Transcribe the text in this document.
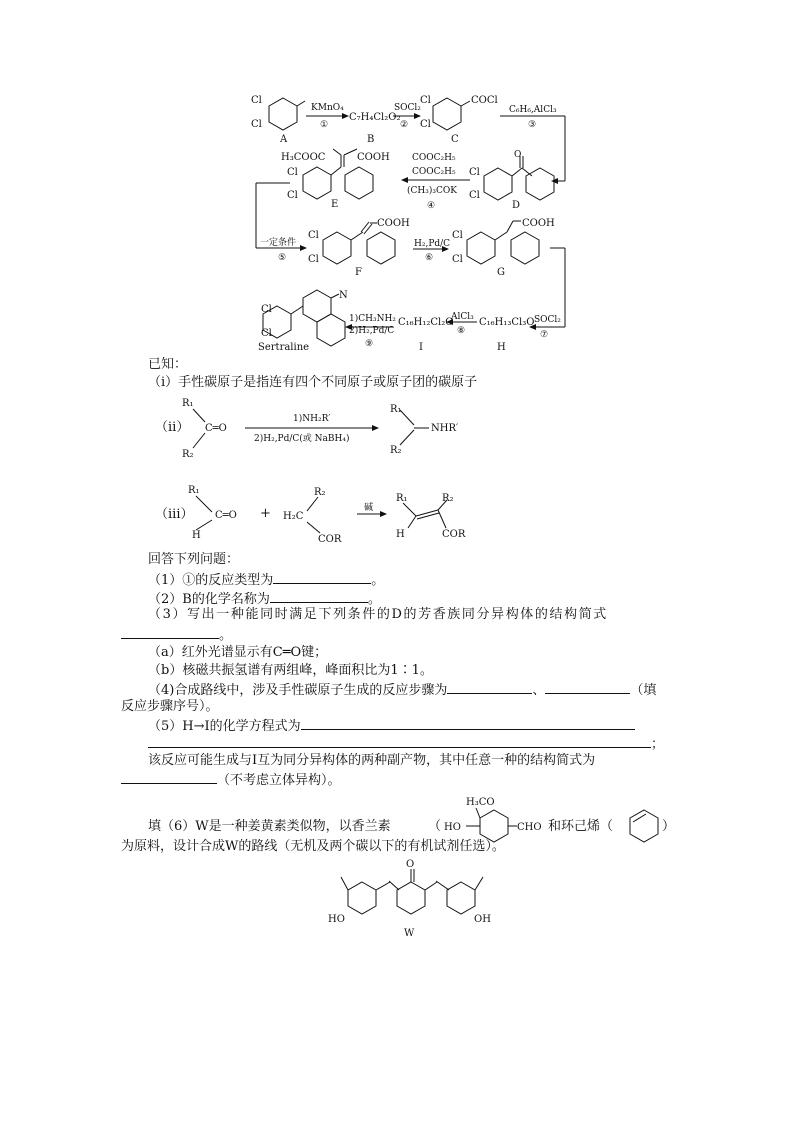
Cl
Cl
A
KMnO₄
①
C₇H₄Cl₂O₂
B
SOCl₂
②
Cl
Cl
COCl
C
C₆H₆,AlCl₃
③
H₃COOC	COOH
Cl
Cl
E
COOC₂H₅
COOC₂H₅
(CH₃)₃COK
④
Cl
Cl
D
O
一定条件
⑤
Cl
Cl
COOH
F
H₂,Pd/C
⑥
Cl
Cl
COOH
G
SOCl₂
⑦
C₁₆H₁₃Cl₃O
H
AlCl₃
⑧
C₁₆H₁₂Cl₂O
I
1)CH₃NH₂
2)H₂,Pd/C
⑨
N
Cl
Cl
Sertraline
已知：
（ⅰ）手性碳原子是指连有四个不同原子或原子团的碳原子
（ⅱ）
R₁
R₂
C═O
1)NH₂R′
2)H₂,Pd/C(或 NaBH₄)
R₁
R₂
NHR′
（ⅲ）
R₁
H
C═O + H₂C
R₂
COR
碱
R₁	R₂
H	COR
回答下列问题：
（1）①的反应类型为	。
（2）B的化学名称为	。
（3）写出一种能同时满足下列条件的D的芳香族同分异构体的结构简式
。
（a）红外光谱显示有C═O键；
（b）核磁共振氢谱有两组峰，峰面积比为1∶1。
（4)合成路线中，涉及手性碳原子生成的反应步骤为	、	（填
反应步骤序号）。
（5）H→I的化学方程式为
；
该反应可能生成与I互为同分异构体的两种副产物，其中任意一种的结构简式为
（不考虑立体异构）。
填（6）W是一种姜黄素类似物，以香兰素	（	和环己烯（	）
H₃CO
HO	CHO
为原料，设计合成W的路线（无机及两个碳以下的有机试剂任选）。
O
HO	OH
W
